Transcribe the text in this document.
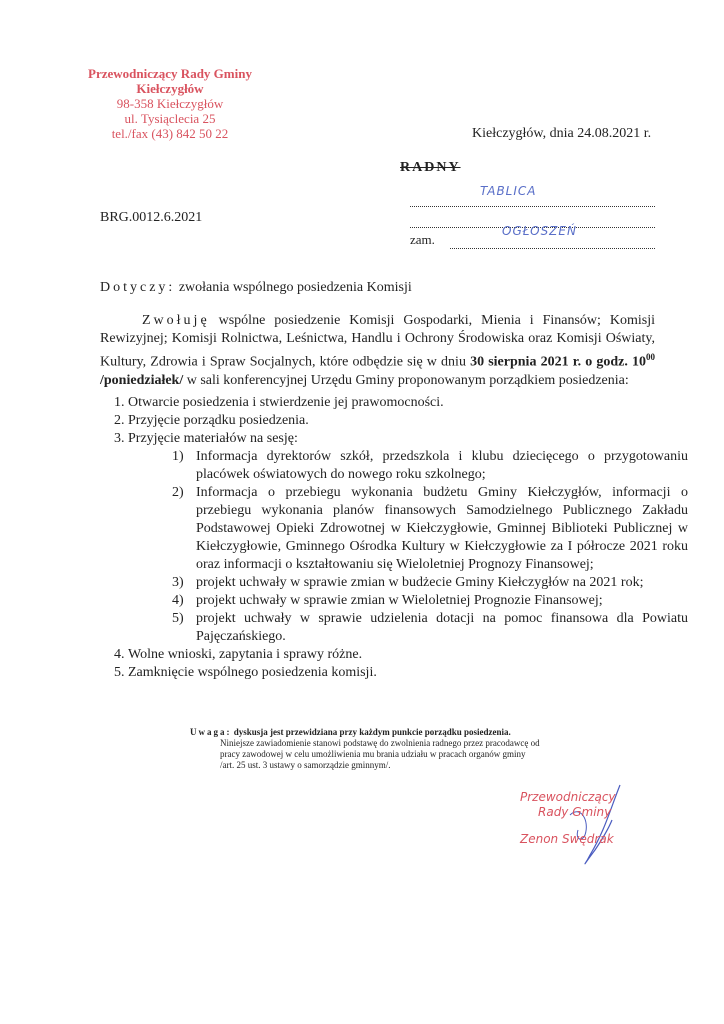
Przewodniczący Rady Gminy
Kiełczygłów
98-358 Kiełczygłów
ul. Tysiąclecia 25
tel./fax (43) 842 50 22	Kiełczygłów, dnia 24.08.2021 r.
RADNY
BRG.0012.6.2021
TABLICA
zam.
OGŁOSZEŃ
Dotyczy: zwołania wspólnego posiedzenia Komisji
Zwołuję wspólne posiedzenie Komisji Gospodarki, Mienia i Finansów; Komisji Rewizyjnej; Komisji Rolnictwa, Leśnictwa, Handlu i Ochrony Środowiska oraz Komisji Oświaty, Kultury, Zdrowia i Spraw Socjalnych, które odbędzie się w dniu 30 sierpnia 2021 r. o godz. $10^{00}$ /poniedziałek/ w sali konferencyjnej Urzędu Gminy proponowanym porządkiem posiedzenia:
1. Otwarcie posiedzenia i stwierdzenie jej prawomocności.
2. Przyjęcie porządku posiedzenia.
3. Przyjęcie materiałów na sesję:
1) Informacja dyrektorów szkół, przedszkola i klubu dziecięcego o przygotowaniu placówek oświatowych do nowego roku szkolnego;
2) Informacja o przebiegu wykonania budżetu Gminy Kiełczygłów, informacji o przebiegu wykonania planów finansowych Samodzielnego Publicznego Zakładu Podstawowej Opieki Zdrowotnej w Kiełczygłowie, Gminnej Biblioteki Publicznej w Kiełczygłowie, Gminnego Ośrodka Kultury w Kiełczygłowie za I półrocze 2021 roku oraz informacji o kształtowaniu się Wieloletniej Prognozy Finansowej;
3) projekt uchwały w sprawie zmian w budżecie Gminy Kiełczygłów na 2021 rok;
4) projekt uchwały w sprawie zmian w Wieloletniej Prognozie Finansowej;
5) projekt uchwały w sprawie udzielenia dotacji na pomoc finansowa dla Powiatu Pajęczańskiego.
4. Wolne wnioski, zapytania i sprawy różne.
5. Zamknięcie wspólnego posiedzenia komisji.
Uwaga: dyskusja jest przewidziana przy każdym punkcie porządku posiedzenia.
Niniejsze zawiadomienie stanowi podstawę do zwolnienia radnego przez pracodawcę od pracy zawodowej w celu umożliwienia mu brania udziału w pracach organów gminy /art. 25 ust. 3 ustawy o samorządzie gminnym/.
Przewodniczący
Rady Gminy
Zenon Swędrak
